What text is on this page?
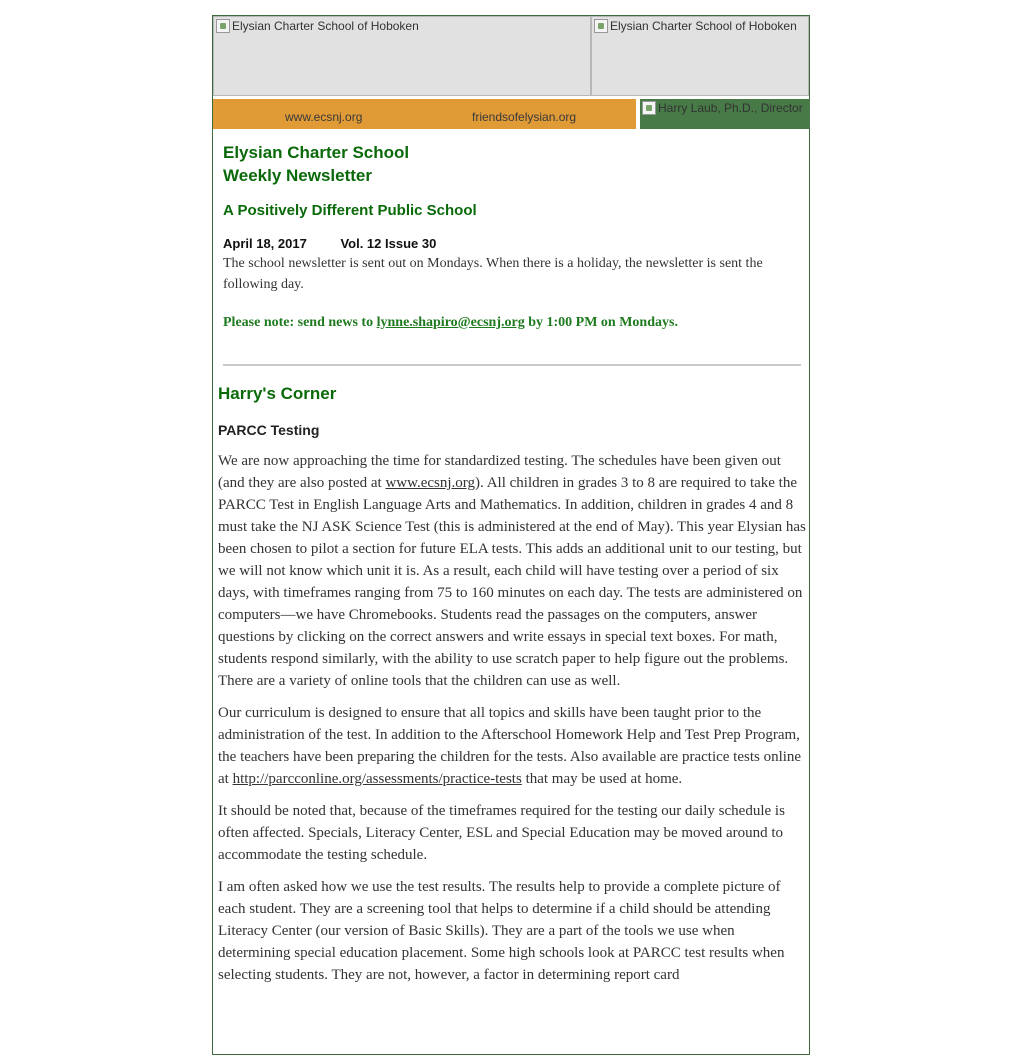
Elysian Charter School of Hoboken	Elysian Charter School of Hoboken
www.ecsnj.org	friendsofelysian.org
Harry Laub, Ph.D., Director
Elysian Charter School
Weekly Newsletter
A Positively Different Public School
April 18, 2017	Vol. 12 Issue 30
The school newsletter is sent out on Mondays. When there is a holiday, the newsletter is sent the following day.
Please note: send news to lynne.shapiro@ecsnj.org by 1:00 PM on Mondays.
Harry's Corner
PARCC Testing

We are now approaching the time for standardized testing. The schedules have been given out (and they are also posted at www.ecsnj.org). All children in grades 3 to 8 are required to take the PARCC Test in English Language Arts and Mathematics. In addition, children in grades 4 and 8 must take the NJ ASK Science Test (this is administered at the end of May). This year Elysian has been chosen to pilot a section for future ELA tests. This adds an additional unit to our testing, but we will not know which unit it is. As a result, each child will have testing over a period of six days, with timeframes ranging from 75 to 160 minutes on each day. The tests are administered on computers—we have Chromebooks. Students read the passages on the computers, answer questions by clicking on the correct answers and write essays in special text boxes. For math, students respond similarly, with the ability to use scratch paper to help figure out the problems. There are a variety of online tools that the children can use as well.

Our curriculum is designed to ensure that all topics and skills have been taught prior to the administration of the test. In addition to the Afterschool Homework Help and Test Prep Program, the teachers have been preparing the children for the tests. Also available are practice tests online at http://parcconline.org/assessments/practice-tests that may be used at home.

It should be noted that, because of the timeframes required for the testing our daily schedule is often affected. Specials, Literacy Center, ESL and Special Education may be moved around to accommodate the testing schedule.

I am often asked how we use the test results. The results help to provide a complete picture of each student. They are a screening tool that helps to determine if a child should be attending Literacy Center (our version of Basic Skills). They are a part of the tools we use when determining special education placement. Some high schools look at PARCC test results when selecting students. They are not, however, a factor in determining report card
